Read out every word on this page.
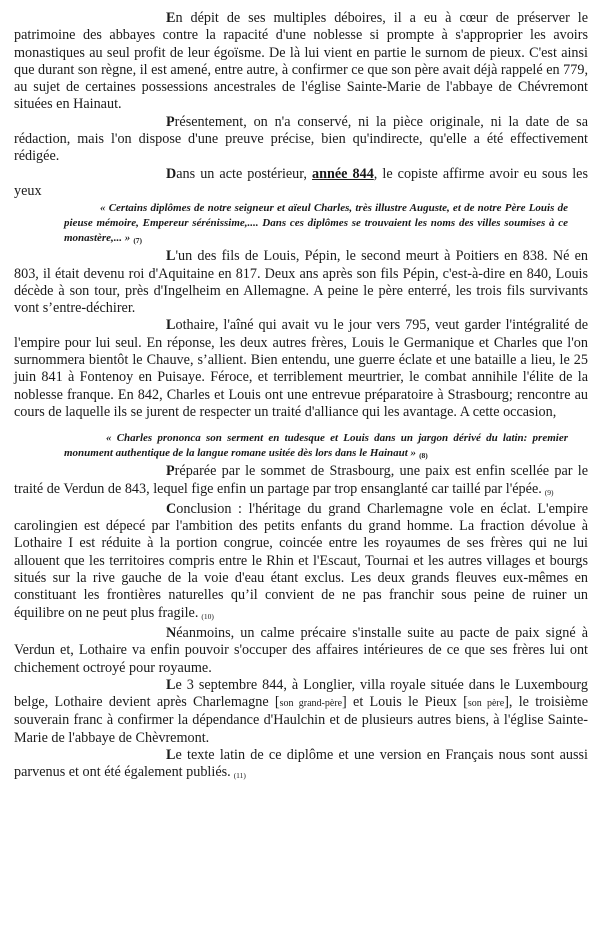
En dépit de ses multiples déboires, il a eu à cœur de préserver le patrimoine des abbayes contre la rapacité d'une noblesse si prompte à s'approprier les avoirs monastiques au seul profit de leur égoïsme. De là lui vient en partie le surnom de pieux. C'est ainsi que durant son règne, il est amené, entre autre, à confirmer ce que son père avait déjà rappelé en 779, au sujet de certaines possessions ancestrales de l'église Sainte-Marie de l'abbaye de Chévremont situées en Hainaut.

Présentement, on n'a conservé, ni la pièce originale, ni la date de sa rédaction, mais l'on dispose d'une preuve précise, bien qu'indirecte, qu'elle a été effectivement rédigée.

Dans un acte postérieur, année 844, le copiste affirme avoir eu sous les yeux

« Certains diplômes de notre seigneur et aïeul Charles, très illustre Auguste, et de notre Père Louis de pieuse mémoire, Empereur sérénissime,.... Dans ces diplômes se trouvaient les noms des villes soumises à ce monastère,... » (7)

L'un des fils de Louis, Pépin, le second meurt à Poitiers en 838. Né en 803, il était devenu roi d'Aquitaine en 817. Deux ans après son fils Pépin, c'est-à-dire en 840, Louis décède à son tour, près d'Ingelheim en Allemagne. A peine le père enterré, les trois fils survivants vont s’entre-déchirer.

Lothaire, l'aîné qui avait vu le jour vers 795, veut garder l'intégralité de l'empire pour lui seul. En réponse, les deux autres frères, Louis le Germanique et Charles que l'on surnommera bientôt le Chauve, s’allient. Bien entendu, une guerre éclate et une bataille a lieu, le 25 juin 841 à Fontenoy en Puisaye. Féroce, et terriblement meurtrier, le combat annihile l'élite de la noblesse franque. En 842, Charles et Louis ont une entrevue préparatoire à Strasbourg; rencontre au cours de laquelle ils se jurent de respecter un traité d'alliance qui les avantage. A cette occasion,

« Charles prononca son serment en tudesque et Louis dans un jargon dérivé du latin: premier monument authentique de la langue romane usitée dès lors dans le Hainaut » (8)

Préparée par le sommet de Strasbourg, une paix est enfin scellée par le traité de Verdun de 843, lequel fige enfin un partage par trop ensanglanté car taillé par l'épée. (9)

Conclusion : l'héritage du grand Charlemagne vole en éclat. L'empire carolingien est dépecé par l'ambition des petits enfants du grand homme. La fraction dévolue à Lothaire I est réduite à la portion congrue, coincée entre les royaumes de ses frères qui ne lui allouent que les territoires compris entre le Rhin et l'Escaut, Tournai et les autres villages et bourgs situés sur la rive gauche de la voie d'eau étant exclus. Les deux grands fleuves eux-mêmes en constituant les frontières naturelles qu’il convient de ne pas franchir sous peine de ruiner un équilibre on ne peut plus fragile. (10)

Néanmoins, un calme précaire s'installe suite au pacte de paix signé à Verdun et, Lothaire va enfin pouvoir s'occuper des affaires intérieures de ce que ses frères lui ont chichement octroyé pour royaume.

Le 3 septembre 844, à Longlier, villa royale située dans le Luxembourg belge, Lothaire devient après Charlemagne [son grand-père] et Louis le Pieux [son père], le troisième souverain franc à confirmer la dépendance d'Haulchin et de plusieurs autres biens, à l'église Sainte-Marie de l'abbaye de Chèvremont.

Le texte latin de ce diplôme et une version en Français nous sont aussi parvenus et ont été également publiés. (11)
